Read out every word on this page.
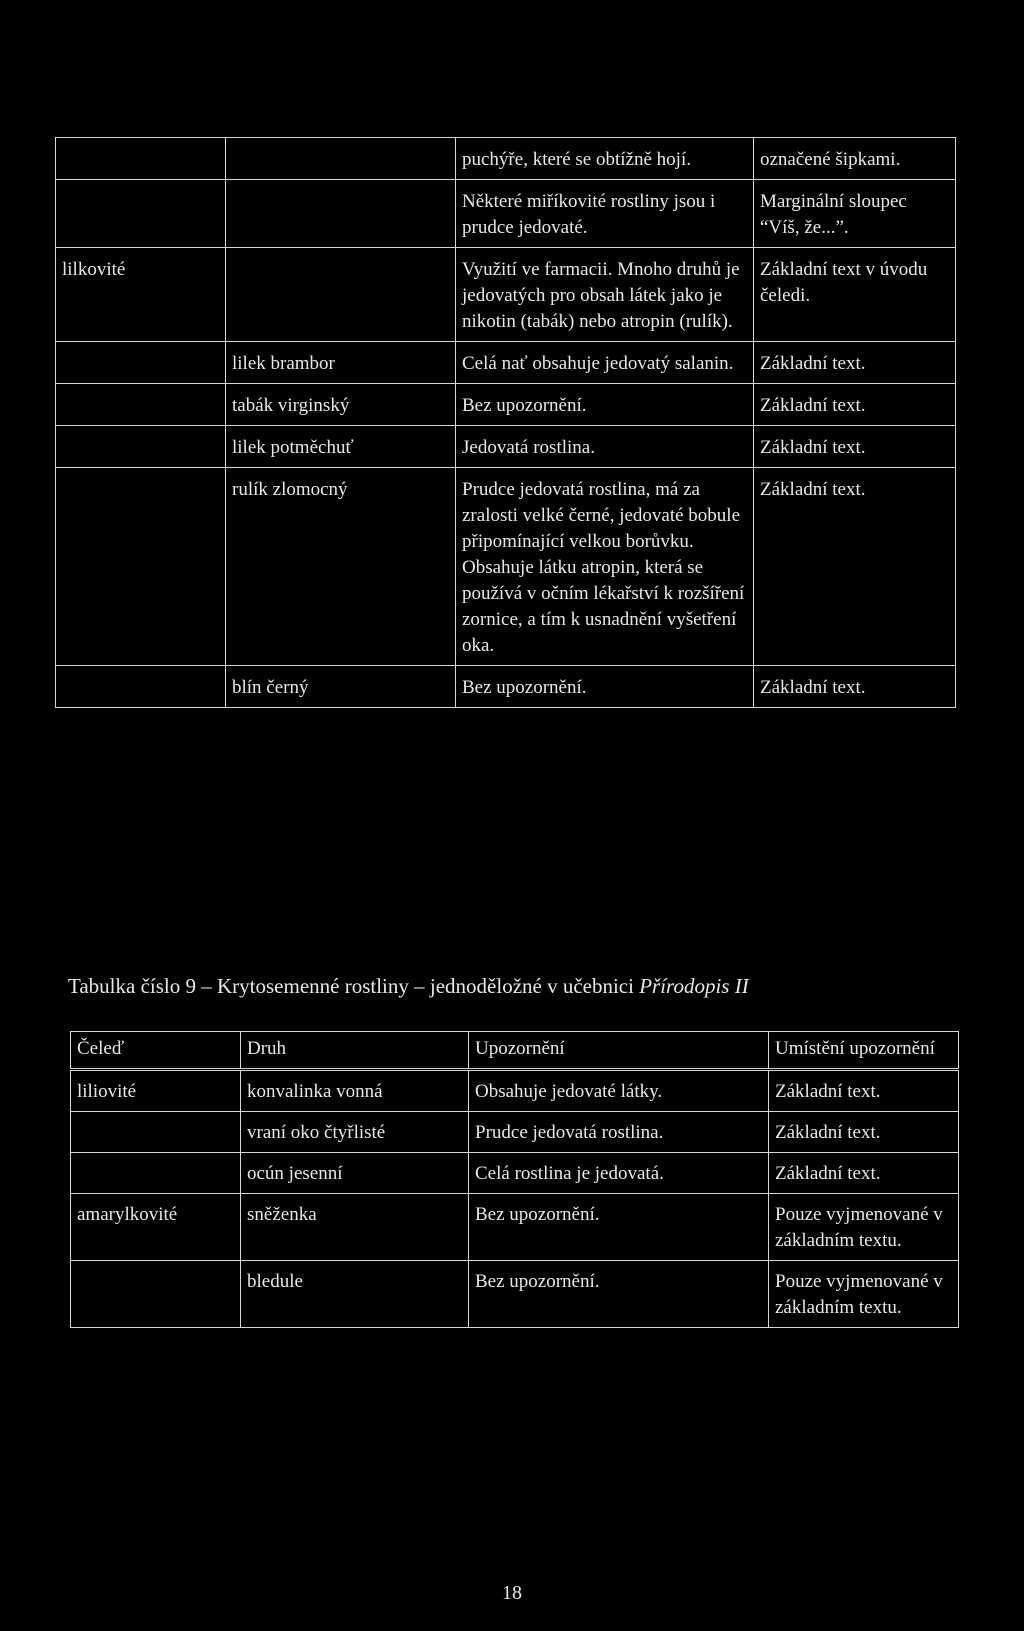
		puchýře, které se obtížně hojí.	označené šipkami.
		Některé miříkovité rostliny jsou i prudce jedovaté.	Marginální sloupec “Víš, že...”.
lilkovité		Využití ve farmacii. Mnoho druhů je jedovatých pro obsah látek jako je nikotin (tabák) nebo atropin (rulík).	Základní text v úvodu čeledi.
	lilek brambor	Celá nať obsahuje jedovatý salanin.	Základní text.
	tabák virginský	Bez upozornění.	Základní text.
	lilek potměchuť	Jedovatá rostlina.	Základní text.
	rulík zlomocný	Prudce jedovatá rostlina, má za zralosti velké černé, jedovaté bobule připomínající velkou borůvku. Obsahuje látku atropin, která se používá v očním lékařství k rozšíření zornice, a tím k usnadnění vyšetření oka.	Základní text.
	blín černý	Bez upozornění.	Základní text.
Tabulka číslo 9 – Krytosemenné rostliny – jednoděložné v učebnici Přírodopis II
Čeleď	Druh	Upozornění	Umístění upozornění
liliovité	konvalinka vonná	Obsahuje jedovaté látky.	Základní text.
	vraní oko čtyřlisté	Prudce jedovatá rostlina.	Základní text.
	ocún jesenní	Celá rostlina je jedovatá.	Základní text.
amarylkovité	sněženka	Bez upozornění.	Pouze vyjmenované v základním textu.
	bledule	Bez upozornění.	Pouze vyjmenované v základním textu.
18
